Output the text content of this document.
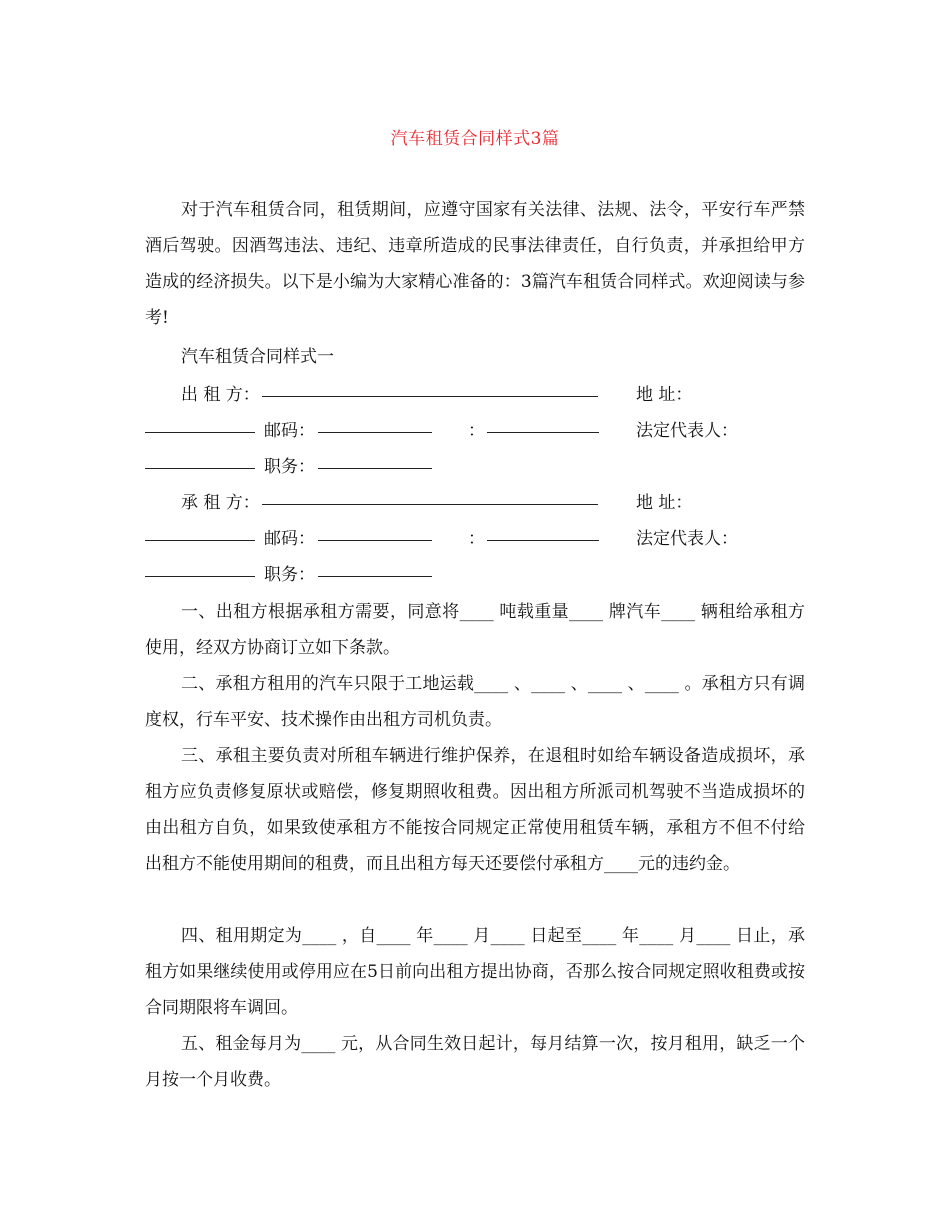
汽车租赁合同样式3篇

对于汽车租赁合同，租赁期间，应遵守国家有关法律、法规、法令，平安行车严禁酒后驾驶。因酒驾违法、违纪、违章所造成的民事法律责任，自行负责，并承担给甲方造成的经济损失。以下是小编为大家精心准备的：3篇汽车租赁合同样式。欢迎阅读与参考!

汽车租赁合同样式一
出 租 方：	地 址：
邮码：	：	法定代表人：
职务：
承 租 方：	地 址：
邮码：	：	法定代表人：
职务：

一、出租方根据承租方需要，同意将____ 吨载重量____ 牌汽车____ 辆租给承租方使用，经双方协商订立如下条款。

二、承租方租用的汽车只限于工地运载____ 、____ 、____ 、____ 。承租方只有调度权，行车平安、技术操作由出租方司机负责。

三、承租主要负责对所租车辆进行维护保养，在退租时如给车辆设备造成损坏，承租方应负责修复原状或赔偿，修复期照收租费。因出租方所派司机驾驶不当造成损坏的由出租方自负，如果致使承租方不能按合同规定正常使用租赁车辆，承租方不但不付给出租方不能使用期间的租费，而且出租方每天还要偿付承租方____元的违约金。

四、租用期定为____ ，自____ 年____ 月____ 日起至____ 年____ 月____ 日止，承租方如果继续使用或停用应在5日前向出租方提出协商，否那么按合同规定照收租费或按合同期限将车调回。

五、租金每月为____ 元，从合同生效日起计，每月结算一次，按月租用，缺乏一个月按一个月收费。
